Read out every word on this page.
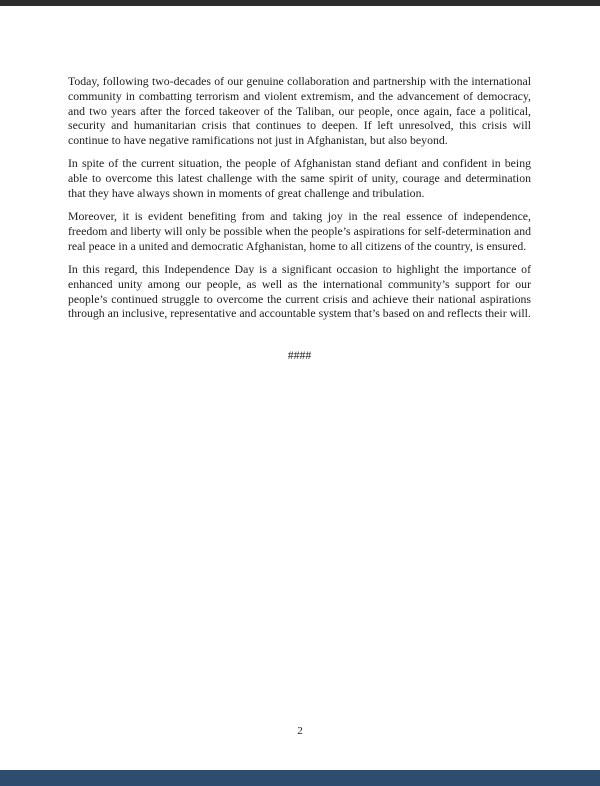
Today, following two-decades of our genuine collaboration and partnership with the international community in combatting terrorism and violent extremism, and the advancement of democracy, and two years after the forced takeover of the Taliban, our people, once again, face a political, security and humanitarian crisis that continues to deepen. If left unresolved, this crisis will continue to have negative ramifications not just in Afghanistan, but also beyond.

In spite of the current situation, the people of Afghanistan stand defiant and confident in being able to overcome this latest challenge with the same spirit of unity, courage and determination that they have always shown in moments of great challenge and tribulation.

Moreover, it is evident benefiting from and taking joy in the real essence of independence, freedom and liberty will only be possible when the people’s aspirations for self-determination and real peace in a united and democratic Afghanistan, home to all citizens of the country, is ensured.

In this regard, this Independence Day is a significant occasion to highlight the importance of enhanced unity among our people, as well as the international community’s support for our people’s continued struggle to overcome the current crisis and achieve their national aspirations through an inclusive, representative and accountable system that’s based on and reflects their will.

####
2
